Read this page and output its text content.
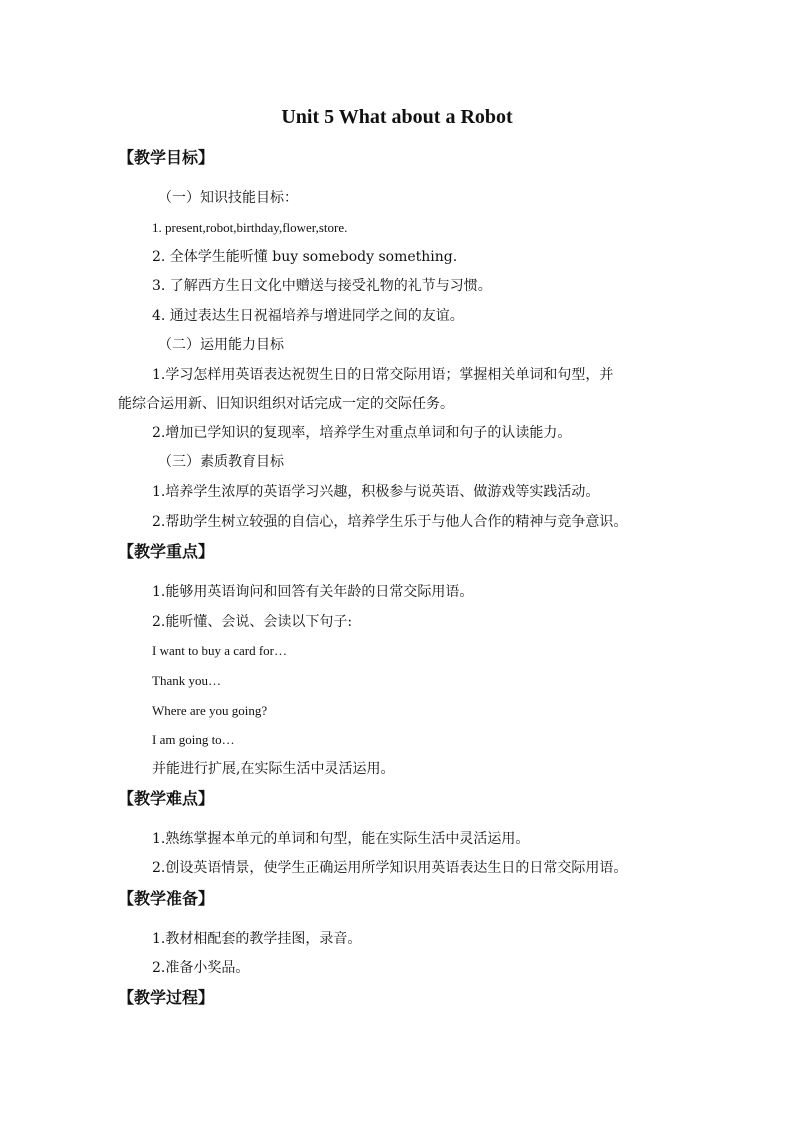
Unit 5 What about a Robot
【教学目标】
（一）知识技能目标：
1. present,robot,birthday,flower,store.
2. 全体学生能听懂 buy somebody something.
3. 了解西方生日文化中赠送与接受礼物的礼节与习惯。
4. 通过表达生日祝福培养与增进同学之间的友谊。
（二）运用能力目标
1.学习怎样用英语表达祝贺生日的日常交际用语；掌握相关单词和句型，并
能综合运用新、旧知识组织对话完成一定的交际任务。
2.增加已学知识的复现率，培养学生对重点单词和句子的认读能力。
（三）素质教育目标
1.培养学生浓厚的英语学习兴趣，积极参与说英语、做游戏等实践活动。
2.帮助学生树立较强的自信心，培养学生乐于与他人合作的精神与竞争意识。
【教学重点】
1.能够用英语询问和回答有关年龄的日常交际用语。
2.能听懂、会说、会读以下句子:
I want to buy a card for…
Thank you…
Where are you going?
I am going to…
并能进行扩展,在实际生活中灵活运用。
【教学难点】
1.熟练掌握本单元的单词和句型，能在实际生活中灵活运用。
2.创设英语情景，使学生正确运用所学知识用英语表达生日的日常交际用语。
【教学准备】
1.教材相配套的教学挂图，录音。
2.准备小奖品。
【教学过程】
